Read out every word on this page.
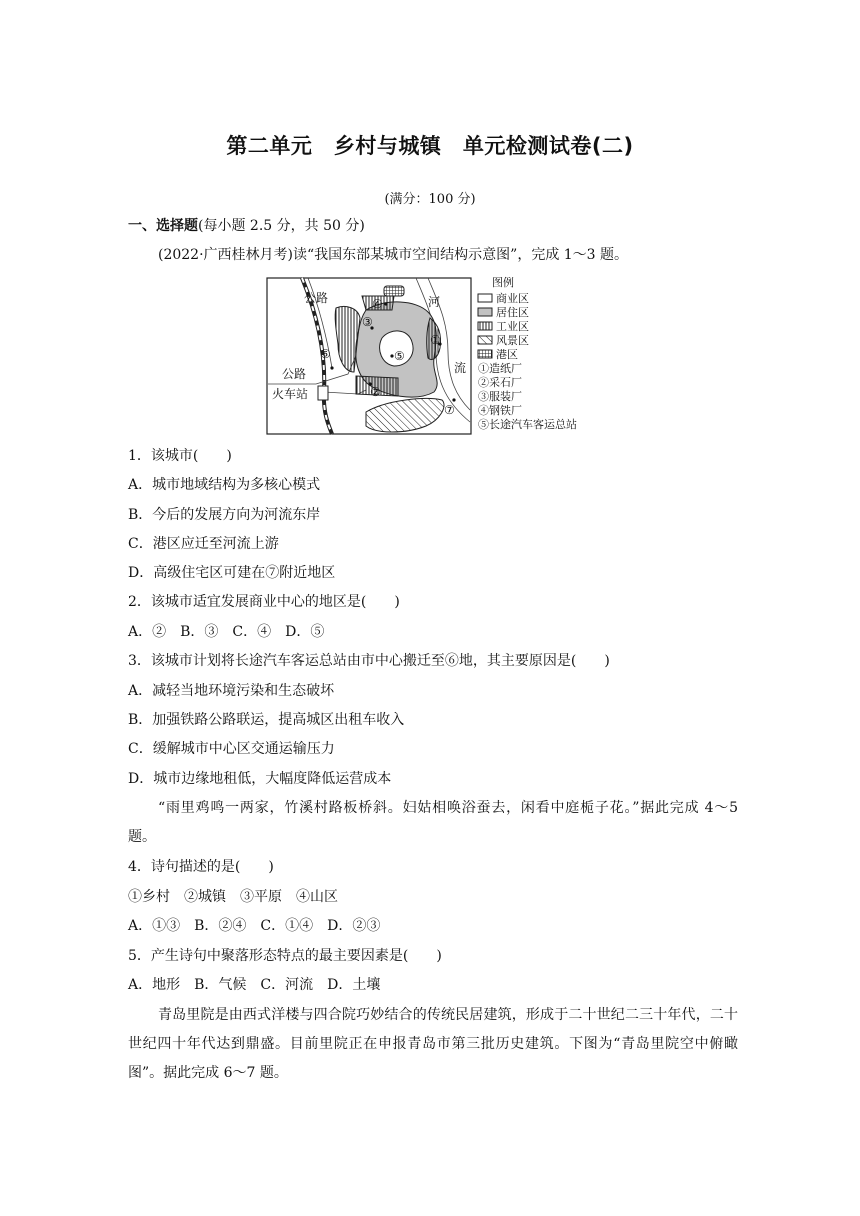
第二单元　乡村与城镇　单元检测试卷(二)
(满分：100 分)
一、选择题(每小题 2.5 分，共 50 分)
(2022·广西桂林月考)读“我国东部某城市空间结构示意图”，完成 1～3 题。
公路
公路
火车站
河
流
③
⑤
②
④
①
⑥
⑦
图例
商业区
居住区
工业区
风景区
港区
①造纸厂
②采石厂
③服装厂
④钢铁厂
⑤长途汽车客运总站
1．该城市(　　)
A．城市地域结构为多核心模式
B．今后的发展方向为河流东岸
C．港区应迁至河流上游
D．高级住宅区可建在⑦附近地区
2．该城市适宜发展商业中心的地区是(　　)
A．②　B．③　C．④　D．⑤
3．该城市计划将长途汽车客运总站由市中心搬迁至⑥地，其主要原因是(　　)
A．减轻当地环境污染和生态破坏
B．加强铁路公路联运，提高城区出租车收入
C．缓解城市中心区交通运输压力
D．城市边缘地租低，大幅度降低运营成本
“雨里鸡鸣一两家，竹溪村路板桥斜。妇姑相唤浴蚕去，闲看中庭栀子花。”据此完成 4～5 题。
4．诗句描述的是(　　)
①乡村　②城镇　③平原　④山区
A．①③　B．②④　C．①④　D．②③
5．产生诗句中聚落形态特点的最主要因素是(　　)
A．地形　B．气候　C．河流　D．土壤
青岛里院是由西式洋楼与四合院巧妙结合的传统民居建筑，形成于二十世纪二三十年代，二十世纪四十年代达到鼎盛。目前里院正在申报青岛市第三批历史建筑。下图为“青岛里院空中俯瞰图”。据此完成 6～7 题。
